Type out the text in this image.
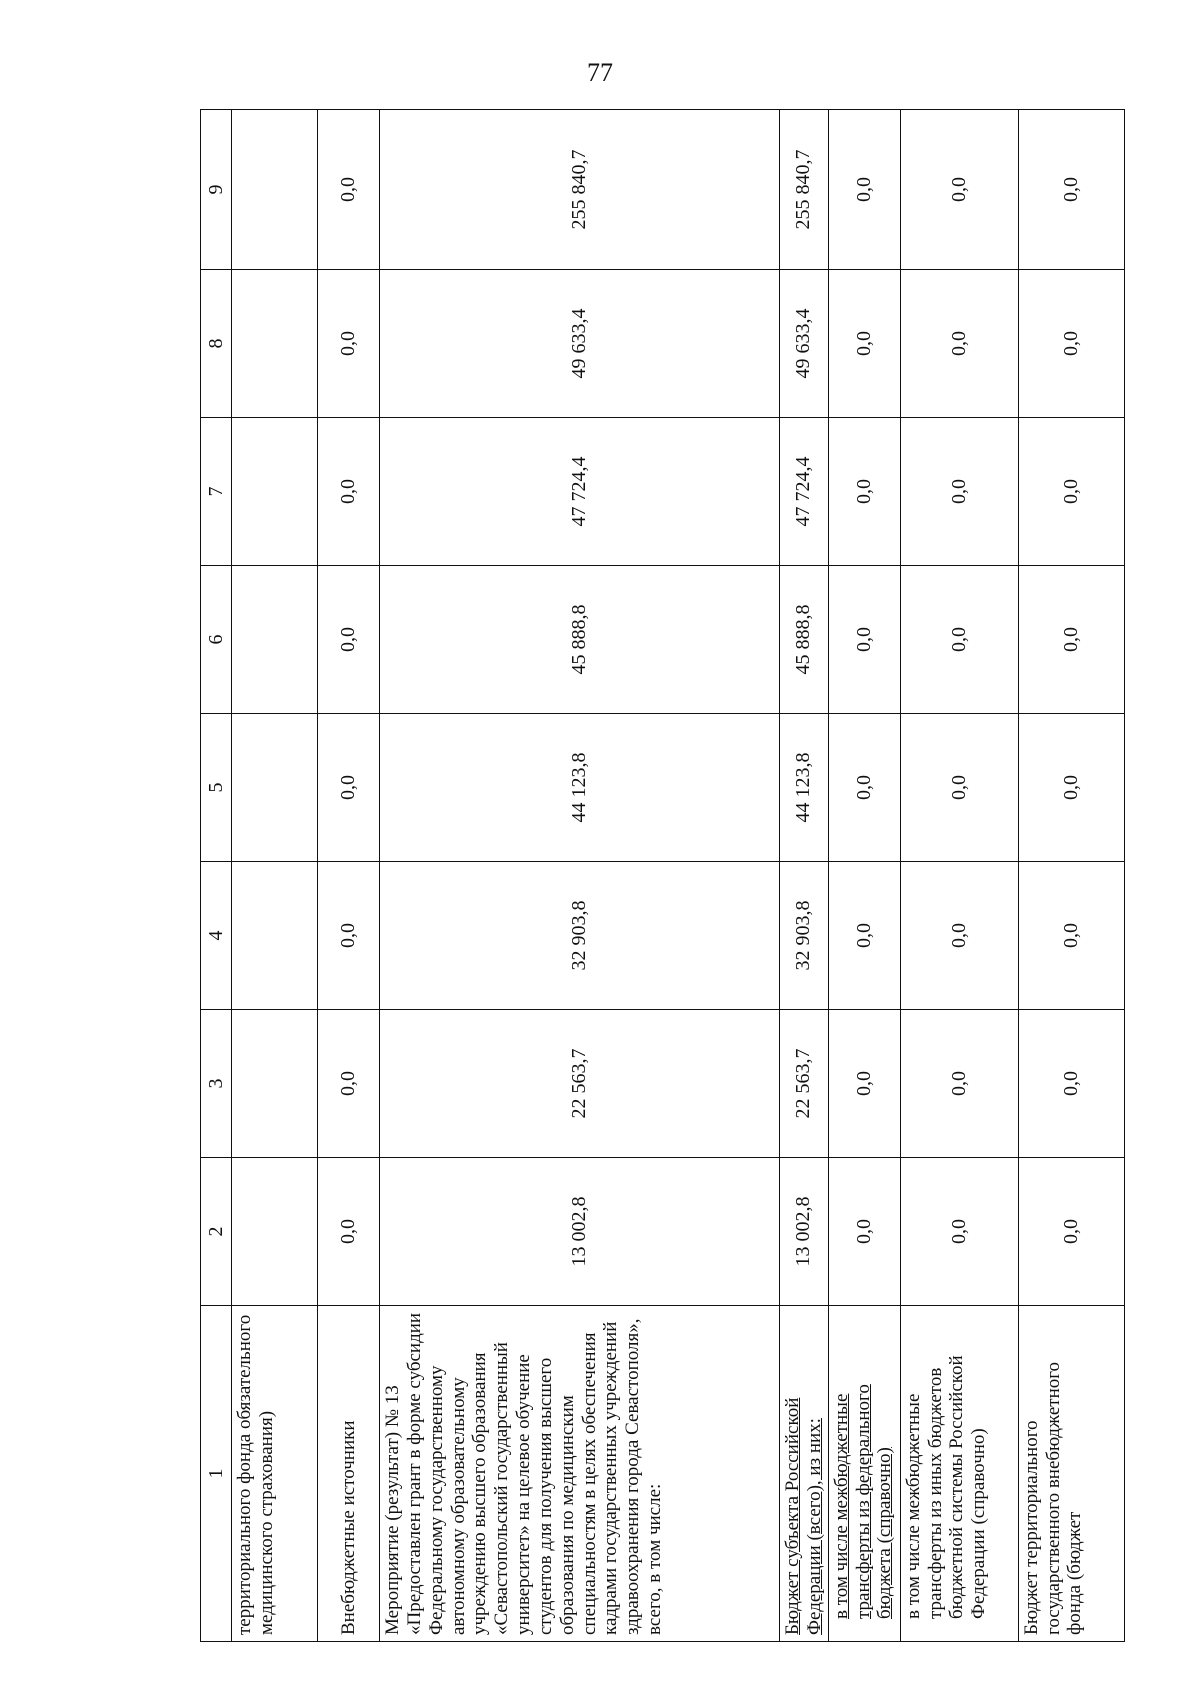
77
1	2	3	4	5	6	7	8	9
территориального фонда обязательного медицинского страхования)								
Внебюджетные источники	0,0	0,0	0,0	0,0	0,0	0,0	0,0	0,0
Мероприятие (результат) № 13 «Предоставлен грант в форме субсидии Федеральному государственному автономному образовательному учреждению высшего образования «Севастопольский государственный университет» на целевое обучение студентов для получения высшего образования по медицинским специальностям в целях обеспечения кадрами государственных учреждений здравоохранения города Севастополя», всего, в том числе:	13 002,8	22 563,7	32 903,8	44 123,8	45 888,8	47 724,4	49 633,4	255 840,7
Бюджет субъекта Российской Федерации (всего), из них:	13 002,8	22 563,7	32 903,8	44 123,8	45 888,8	47 724,4	49 633,4	255 840,7
в том числе межбюджетные трансферты из федерального бюджета (справочно)	0,0	0,0	0,0	0,0	0,0	0,0	0,0	0,0
в том числе межбюджетные трансферты из иных бюджетов бюджетной системы Российской Федерации (справочно)	0,0	0,0	0,0	0,0	0,0	0,0	0,0	0,0
Бюджет территориального государственного внебюджетного фонда (бюджет	0,0	0,0	0,0	0,0	0,0	0,0	0,0	0,0
